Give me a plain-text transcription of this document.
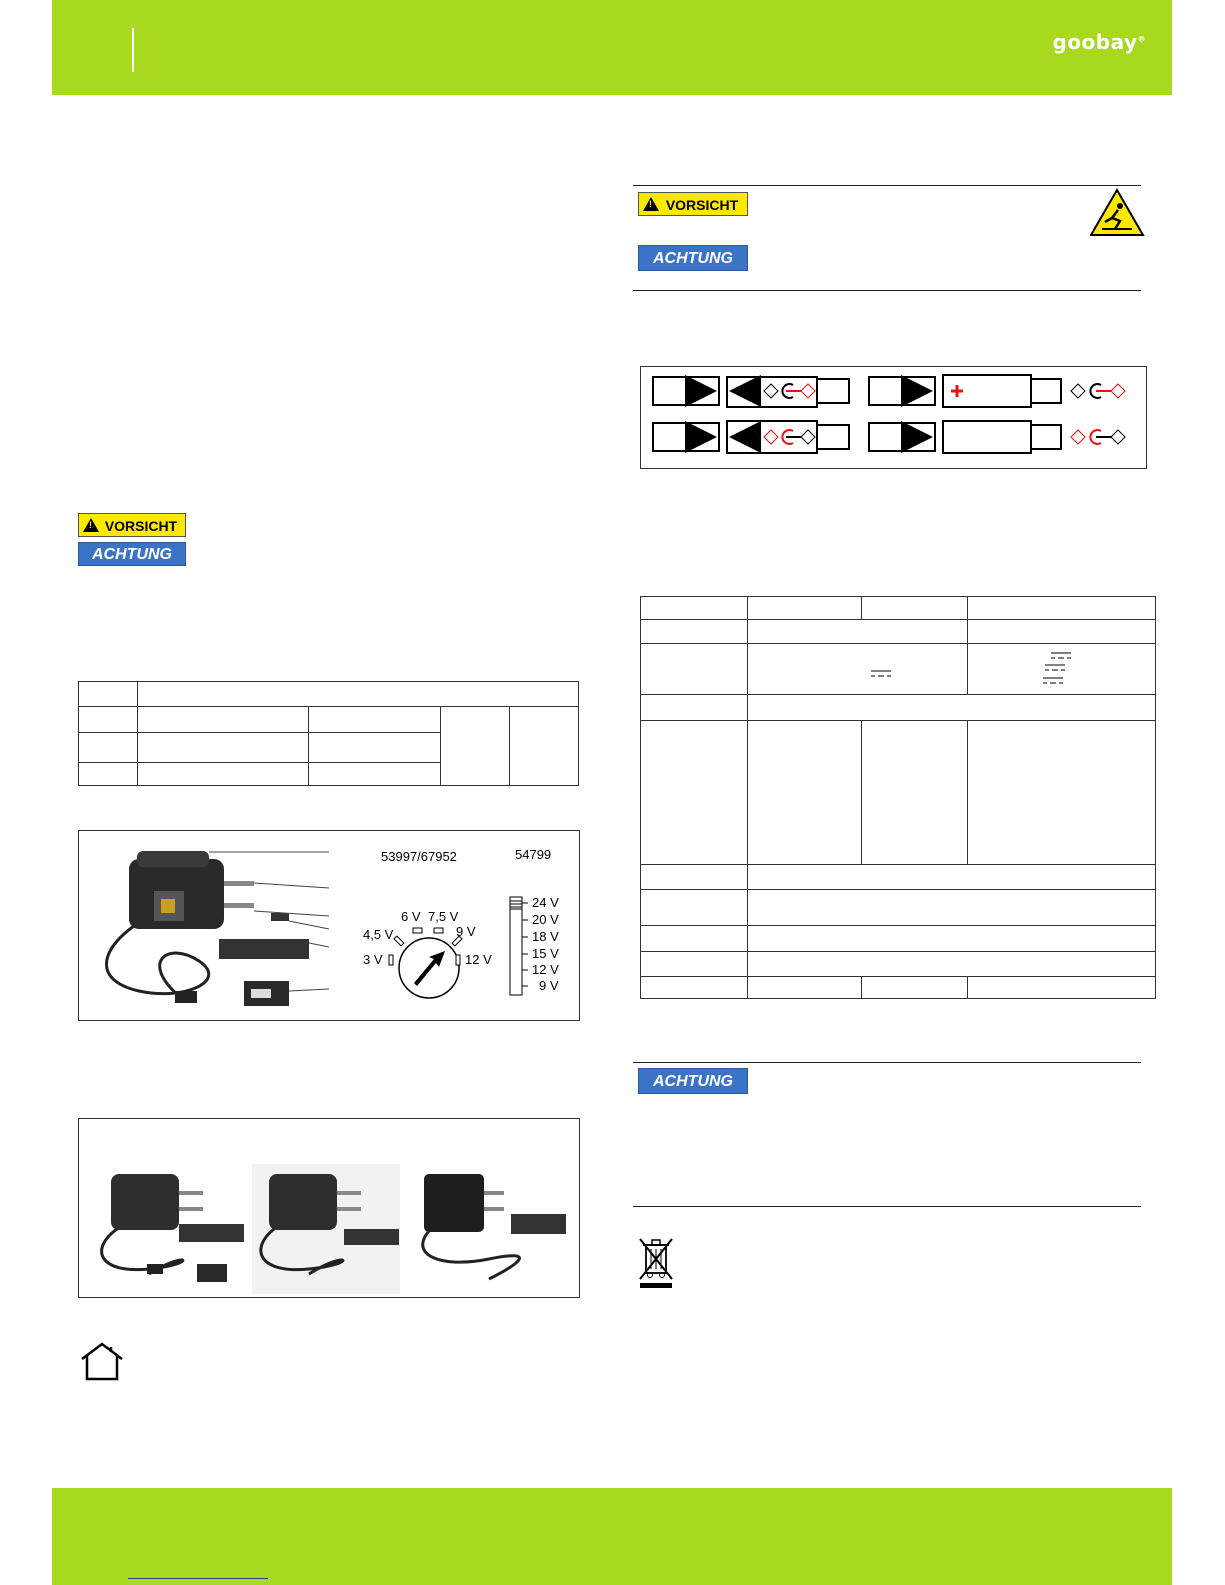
goobay®
!
VORSICHT
ACHTUNG

53997/67952	54799
3 V
4,5 V
6 V 7,5 V
9 V
12 V
24 V
20 V
18 V
15 V
12 V
9 V
!
VORSICHT
ACHTUNG

ACHTUNG
